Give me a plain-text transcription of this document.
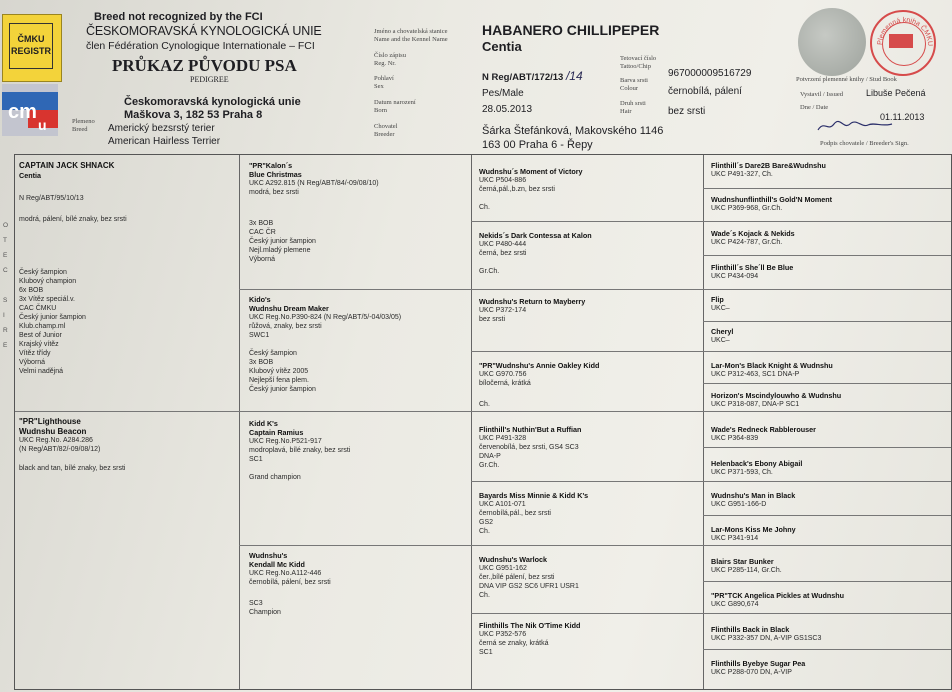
ČMKU
REGISTR
cm
u
Breed not recognized by the FCI
ČESKOMORAVSKÁ KYNOLOGICKÁ UNIE
člen Fédération Cynologique Internationale – FCI
PRŮKAZ PŮVODU PSA
PEDIGREE
Českomoravská kynologická unie
Maškova 3, 182 53 Praha 8
Plemeno
Breed	Americký bezsrstý terier
American Hairless Terrier
Jméno a chovatelská stanice
Name and the Kennel Name
Číslo zápisu
Reg. Nr.
Pohlaví
Sex
Datum narození
Born
Chovatel
Breeder
HABANERO CHILLIPEPER
Centia
N Reg/ABT/172/13 /14
Pes/Male
28.05.2013
Šárka Štefánková, Makovského 1146
163 00 Praha 6 - Řepy
Tetovací číslo
Tattoo/Chip
Barva srsti
Colour
Druh srsti
Hair
967000009516729
černobílá, pálení
bez srsti
Plemenná kniha ČMKU
Potvrzení plemenné knihy / Stud Book
Vystavil / Issued	Libuše Pečená
Dne / Date
01.11.2013
Podpis chovatele / Breeder's Sign.
O
T
E
C

S
I
R
E
CAPTAIN JACK SHNACK
Centia
N Reg/ABT/95/10/13
modrá, pálení, bílé znaky, bez srsti
Český šampion
Klubový champion
6x BOB
3x Vítěz speciál.v.
CAC ČMKU
Český junior šampion
Klub.champ.ml
Best of Junior
Krajský vítěz
Vítěz třídy
Výborná
Velmi nadějná
"PR"Lighthouse
Wudnshu Beacon
UKC Reg.No. A284.286
(N Reg/ABT/82/-09/08/12)
black and tan, bílé znaky, bez srsti
"PR"Kalon´s
Blue Christmas
UKC A292.815 (N Reg/ABT/84/-09/08/10)
modrá, bez srsti
3x BOB
CAC ČR
Český junior šampion
Nejl.mladý plemene
Výborná
Kido's
Wudnshu Dream Maker
UKC Reg.No.P390-824 (N Reg/ABT/5/-04/03/05)
růžová, znaky, bez srsti
SWC1
Český šampion
3x BOB
Klubový vítěz 2005
Nejlepší fena plem.
Český junior šampion
Kidd K's
Captain Ramius
UKC Reg.No.P521-917
modroplavá, bílé znaky, bez srsti
SC1
Grand champion
Wudnshu's
Kendall Mc Kidd
UKC Reg.No.A112-446
černobílá, pálení, bez srsti
SC3
Champion
Wudnshu´s Moment of Victory
UKC P504-886
černá,pál.,b.zn, bez srsti
Ch.
Nekids´s Dark Contessa at Kalon
UKC P480-444
černá, bez srsti
Gr.Ch.
Wudnshu's Return to Mayberry
UKC P372-174
bez srsti
"PR"Wudnshu's Annie Oakley Kidd
UKC G970.756
bíločerná, krátká
Ch.
Flinthill's Nuthin'But a Ruffian
UKC P491-328
červenobílá, bez srsti, GS4 SC3
DNA-P
Gr.Ch.
Bayards Miss Minnie & Kidd K's
UKC A101-071
černobílá,pál., bez srsti
GS2
Ch.
Wudnshu's Warlock
UKC G951-162
čer.,bílé pálení, bez srsti
DNA VIP GS2 SC6 UFR1 USR1
Ch.
Flinthills The Nik O'Time Kidd
UKC P352-576
černá se znaky, krátká
SC1
Flinthill´s Dare2B Bare&Wudnshu
UKC P491-327, Ch.
Wudnshunflinthill's Gold'N Moment
UKC P369-968, Gr.Ch.
Wade´s Kojack & Nekids
UKC P424-787, Gr.Ch.
Flinthill´s She´ll Be Blue
UKC P434-094
Flip
UKC–
Cheryl
UKC–
Lar-Mon's Black Knight & Wudnshu
UKC P312-463, SC1 DNA-P
Horizon's Mscindylouwho & Wudnshu
UKC P318-087, DNA-P SC1
Wade's Redneck Rabblerouser
UKC P364-839
Helenback's Ebony Abigail
UKC P371-593, Ch.
Wudnshu's Man in Black
UKC G951-166-D
Lar-Mons Kiss Me Johny
UKC P341-914
Blairs Star Bunker
UKC P285-114, Gr.Ch.
"PR"TCK Angelica Pickles at Wudnshu
UKC G890,674
Flinthills Back in Black
UKC P332-357 DN, A-VIP GS1SC3
Flinthills Byebye Sugar Pea
UKC P288-070 DN, A-VIP
